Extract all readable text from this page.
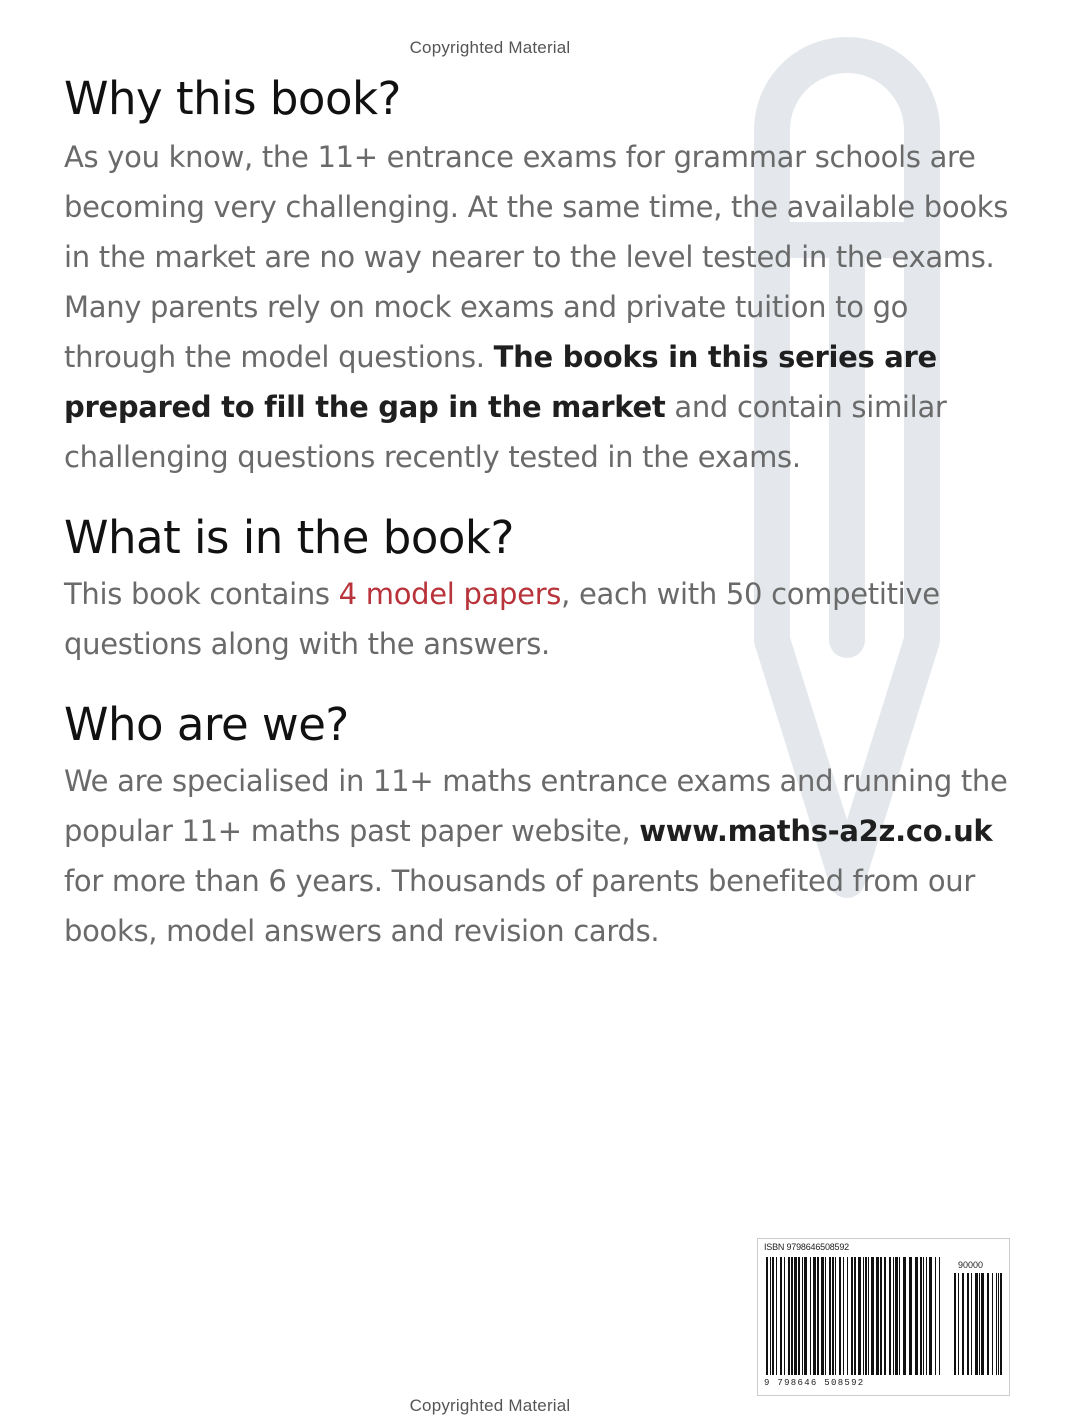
Copyrighted Material
Why this book?

As you know, the 11+ entrance exams for grammar schools are becoming very challenging. At the same time, the available books in the market are no way nearer to the level tested in the exams. Many parents rely on mock exams and private tuition to go through the model questions. The books in this series are prepared to fill the gap in the market and contain similar challenging questions recently tested in the exams.

What is in the book?

This book contains 4 model papers, each with 50 competitive questions along with the answers.

Who are we?

We are specialised in 11+ maths entrance exams and running the popular 11+ maths past paper website, www.maths-a2z.co.uk for more than 6 years. Thousands of parents benefited from our books, model answers and revision cards.

ISBN 9798646508592
90000
9 798646 508592
Copyrighted Material
